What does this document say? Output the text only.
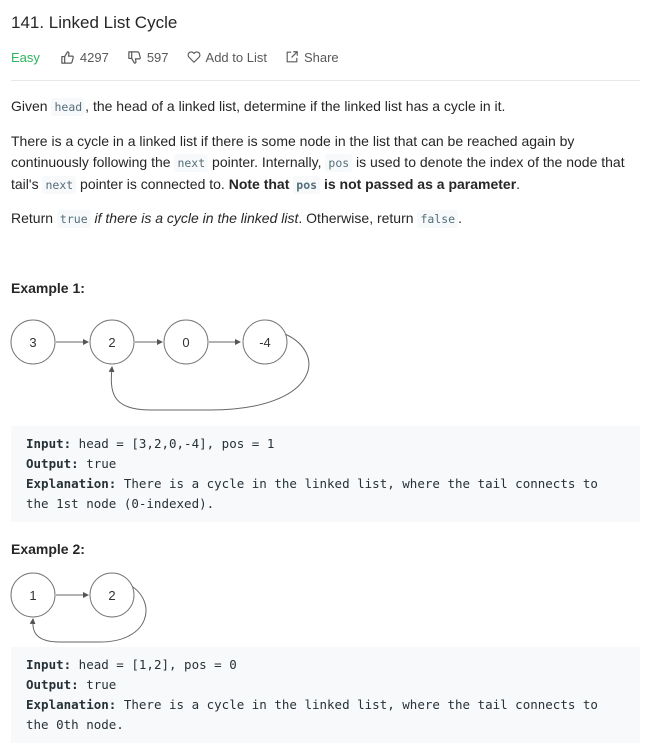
141. Linked List Cycle
Easy	4297	597	Add to List	Share
Given head , the head of a linked list, determine if the linked list has a cycle in it.
There is a cycle in a linked list if there is some node in the list that can be reached again by continuously following the next pointer. Internally, pos is used to denote the index of the node that tail's next pointer is connected to. Note that pos is not passed as a parameter.
Return true if there is a cycle in the linked list. Otherwise, return false .
Example 1:
3	2	0	-4
Input: head = [3,2,0,-4], pos = 1
Output: true
Explanation: There is a cycle in the linked list, where the tail connects to the 1st node (0-indexed).
Example 2:
1	2
Input: head = [1,2], pos = 0
Output: true
Explanation: There is a cycle in the linked list, where the tail connects to the 0th node.
